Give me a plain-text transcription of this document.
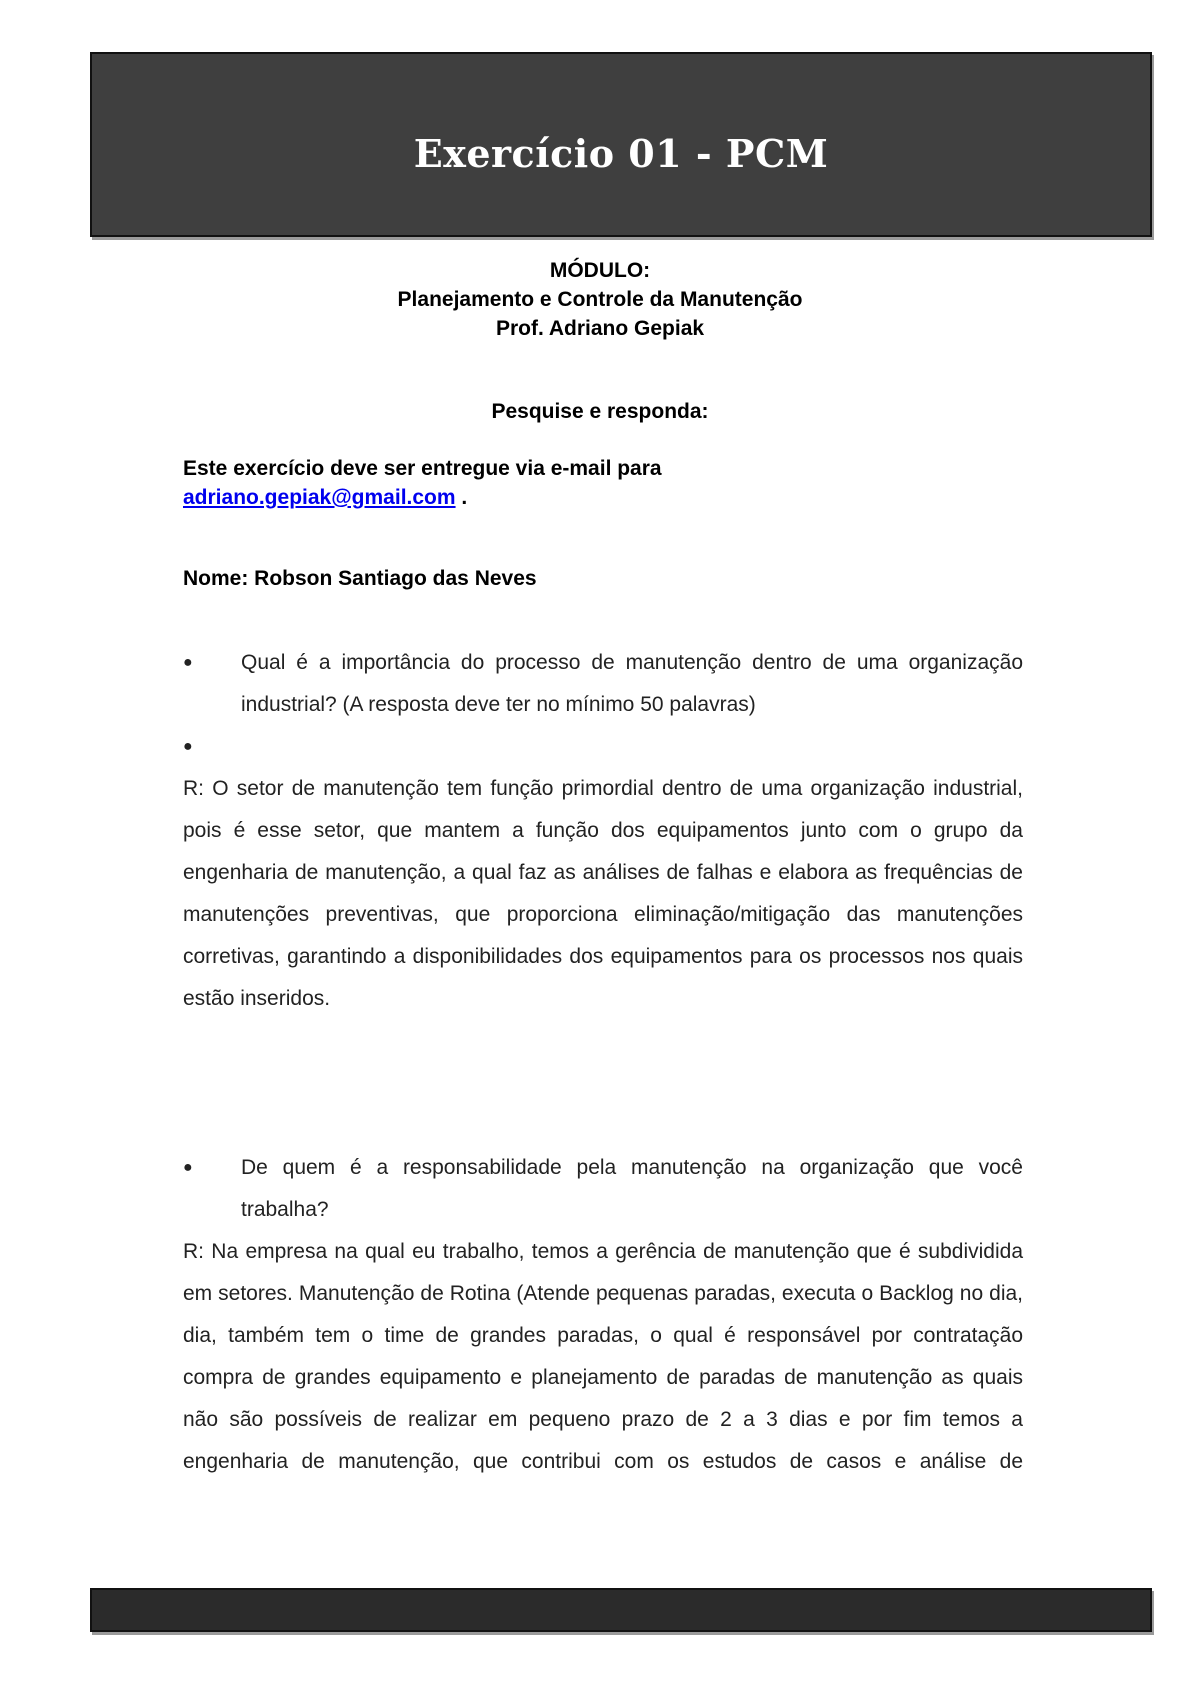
Exercício 01 - PCM
MÓDULO:
Planejamento e Controle da Manutenção
Prof. Adriano Gepiak
Pesquise e responda:
Este exercício deve ser entregue via e-mail para
adriano.gepiak@gmail.com .
Nome: Robson Santiago das Neves
●	Qual é a importância do processo de manutenção dentro de uma organização industrial? (A resposta deve ter no mínimo 50 palavras)
●
R: O setor de manutenção tem função primordial dentro de uma organização industrial, pois é esse setor, que mantem a função dos equipamentos junto com o grupo da engenharia de manutenção, a qual faz as análises de falhas e elabora as frequências de manutenções preventivas, que proporciona eliminação/mitigação das manutenções corretivas, garantindo a disponibilidades dos equipamentos para os processos nos quais estão inseridos.
●	De quem é a responsabilidade pela manutenção na organização que você trabalha?
R: Na empresa na qual eu trabalho, temos a gerência de manutenção que é subdividida em setores. Manutenção de Rotina (Atende pequenas paradas, executa o Backlog no dia, dia, também tem o time de grandes paradas, o qual é responsável por contratação compra de grandes equipamento e planejamento de paradas de manutenção as quais não são possíveis de realizar em pequeno prazo de 2 a 3 dias e por fim temos a engenharia de manutenção, que contribui com os estudos de casos e análise de
